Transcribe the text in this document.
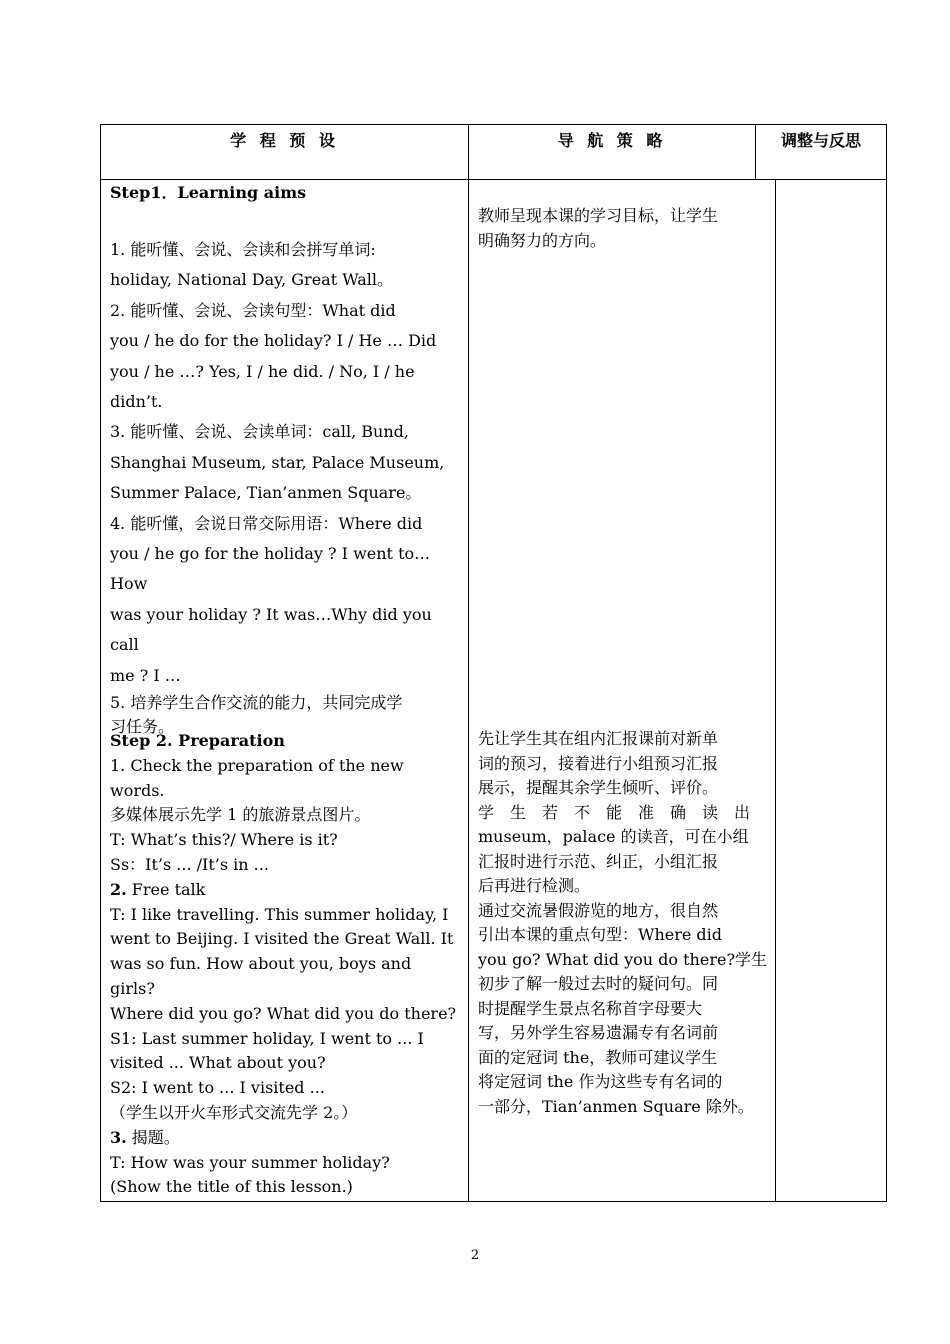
学 程 预 设	导 航 策 略	调整与反思

Step1．Learning aims

1. 能听懂、会说、会读和会拼写单词:

holiday, National Day, Great Wall。

2. 能听懂、会说、会读句型：What did

you / he do for the holiday? I / He … Did

you / he …? Yes, I / he did. / No, I / he

didn’t.

3. 能听懂、会说、会读单词：call, Bund,

Shanghai Museum, star, Palace Museum,

Summer Palace, Tian’anmen Square。

4. 能听懂，会说日常交际用语：Where did

you / he go for the holiday ? I went to…How

was your holiday ? It was…Why did you call

me ? I …

5. 培养学生合作交流的能力，共同完成学

习任务。

教师呈现本课的学习目标，让学生

明确努力的方向。

Step 2. Preparation

1. Check the preparation of the new words.

多媒体展示先学 1 的旅游景点图片。

T: What’s this?/ Where is it?

Ss：It’s ... /It’s in ...

2. Free talk

T: I like travelling. This summer holiday, I

went to Beijing. I visited the Great Wall. It

was so fun. How about you, boys and girls?

Where did you go? What did you do there?

S1: Last summer holiday, I went to ... I

visited ... What about you?

S2: I went to ... I visited ...

（学生以开火车形式交流先学 2。）

3. 揭题。

T: How was your summer holiday?

(Show the title of this lesson.)

先让学生其在组内汇报课前对新单

词的预习，接着进行小组预习汇报

展示，提醒其余学生倾听、评价。

学　生　若　不　能　准　确　读　出

museum，palace 的读音，可在小组

汇报时进行示范、纠正，小组汇报

后再进行检测。

通过交流暑假游览的地方，很自然

引出本课的重点句型：Where did

you go? What did you do there?学生

初步了解一般过去时的疑问句。同

时提醒学生景点名称首字母要大

写，另外学生容易遗漏专有名词前

面的定冠词 the，教师可建议学生

将定冠词 the 作为这些专有名词的

一部分，Tian’anmen Square 除外。

2
